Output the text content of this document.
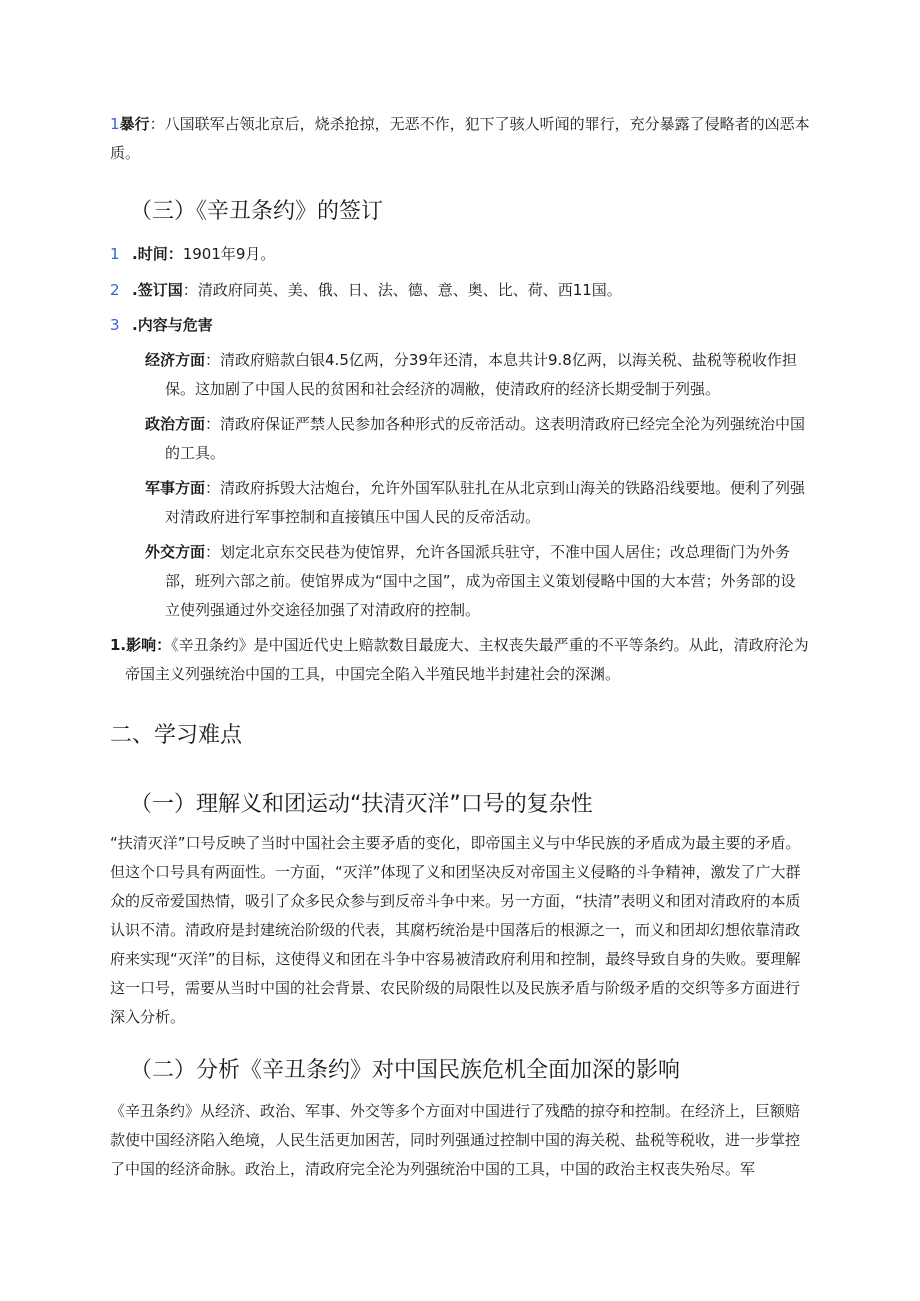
1暴行：八国联军占领北京后，烧杀抢掠，无恶不作，犯下了骇人听闻的罪行，充分暴露了侵略者的凶恶本质。

（三）《辛丑条约》的签订

1 .时间：1901年9月。

2 .签订国：清政府同英、美、俄、日、法、德、意、奥、比、荷、西11国。

3 .内容与危害

经济方面：清政府赔款白银4.5亿两，分39年还清，本息共计9.8亿两，以海关税、盐税等税收作担保。这加剧了中国人民的贫困和社会经济的凋敝，使清政府的经济长期受制于列强。

政治方面：清政府保证严禁人民参加各种形式的反帝活动。这表明清政府已经完全沦为列强统治中国的工具。

军事方面：清政府拆毁大沽炮台，允许外国军队驻扎在从北京到山海关的铁路沿线要地。便利了列强对清政府进行军事控制和直接镇压中国人民的反帝活动。

外交方面：划定北京东交民巷为使馆界，允许各国派兵驻守，不准中国人居住；改总理衙门为外务部，班列六部之前。使馆界成为“国中之国”，成为帝国主义策划侵略中国的大本营；外务部的设立使列强通过外交途径加强了对清政府的控制。

1.影响：《辛丑条约》是中国近代史上赔款数目最庞大、主权丧失最严重的不平等条约。从此，清政府沦为帝国主义列强统治中国的工具，中国完全陷入半殖民地半封建社会的深渊。

二、学习难点
（一）理解义和团运动“扶清灭洋”口号的复杂性

“扶清灭洋”口号反映了当时中国社会主要矛盾的变化，即帝国主义与中华民族的矛盾成为最主要的矛盾。但这个口号具有两面性。一方面，“灭洋”体现了义和团坚决反对帝国主义侵略的斗争精神，激发了广大群众的反帝爱国热情，吸引了众多民众参与到反帝斗争中来。另一方面，“扶清”表明义和团对清政府的本质认识不清。清政府是封建统治阶级的代表，其腐朽统治是中国落后的根源之一，而义和团却幻想依靠清政府来实现“灭洋”的目标，这使得义和团在斗争中容易被清政府利用和控制，最终导致自身的失败。要理解这一口号，需要从当时中国的社会背景、农民阶级的局限性以及民族矛盾与阶级矛盾的交织等多方面进行深入分析。

（二）分析《辛丑条约》对中国民族危机全面加深的影响

《辛丑条约》从经济、政治、军事、外交等多个方面对中国进行了残酷的掠夺和控制。在经济上，巨额赔款使中国经济陷入绝境，人民生活更加困苦，同时列强通过控制中国的海关税、盐税等税收，进一步掌控了中国的经济命脉。政治上，清政府完全沦为列强统治中国的工具，中国的政治主权丧失殆尽。军
